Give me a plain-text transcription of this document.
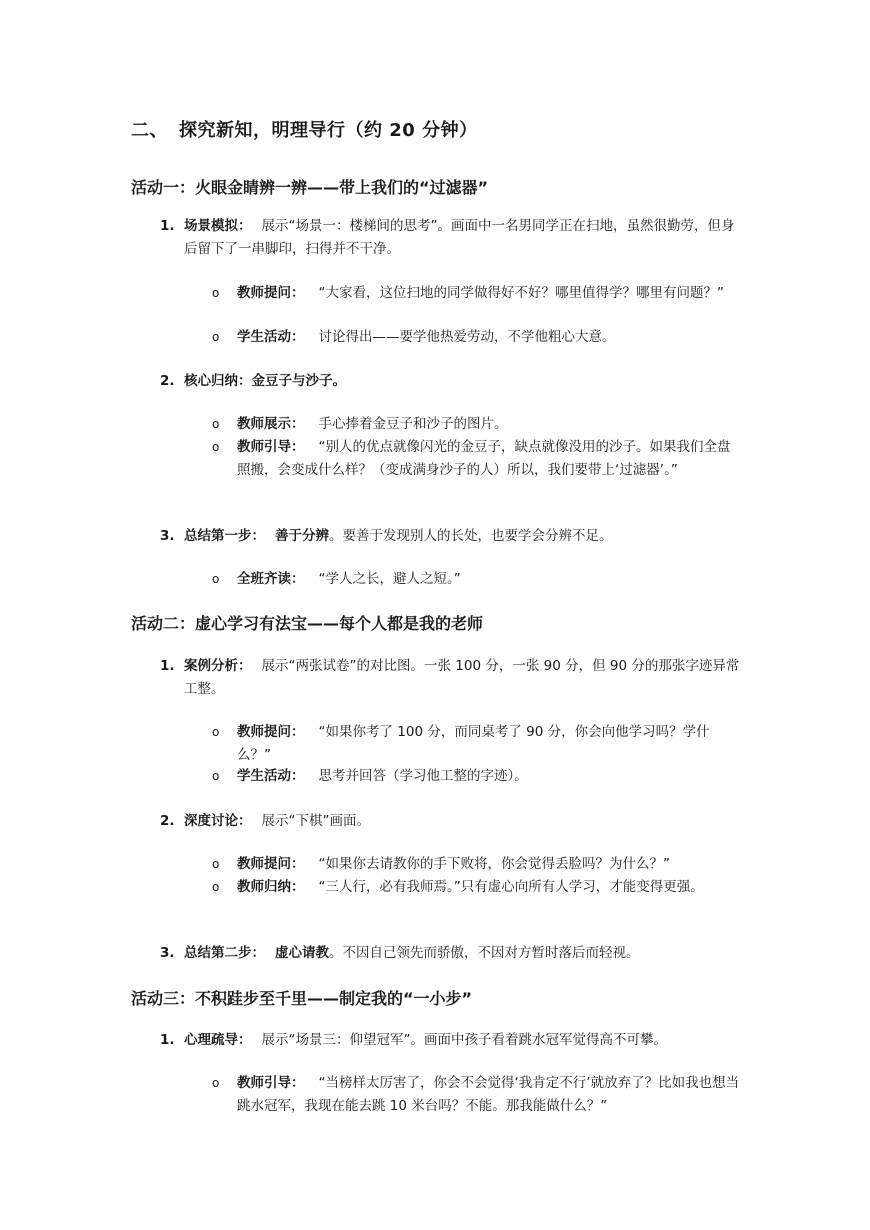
二、 探究新知，明理导行（约 20 分钟）
活动一：火眼金睛辨一辨——带上我们的“过滤器”
1. 场景模拟： 展示“场景一：楼梯间的思考”。画面中一名男同学正在扫地，虽然很勤劳，但身后留下了一串脚印，扫得并不干净。
o 教师提问： “大家看，这位扫地的同学做得好不好？哪里值得学？哪里有问题？”
o 学生活动： 讨论得出——要学他热爱劳动，不学他粗心大意。
2. 核心归纳：金豆子与沙子。
o 教师展示： 手心捧着金豆子和沙子的图片。
o 教师引导： “别人的优点就像闪光的金豆子，缺点就像没用的沙子。如果我们全盘照搬，会变成什么样？（变成满身沙子的人）所以，我们要带上‘过滤器’。”
3. 总结第一步： 善于分辨。要善于发现别人的长处，也要学会分辨不足。
o 全班齐读： “学人之长，避人之短。”
活动二：虚心学习有法宝——每个人都是我的老师
1. 案例分析： 展示“两张试卷”的对比图。一张 100 分，一张 90 分，但 90 分的那张字迹异常工整。
o 教师提问： “如果你考了 100 分，而同桌考了 90 分，你会向他学习吗？学什么？”
o 学生活动： 思考并回答（学习他工整的字迹）。
2. 深度讨论： 展示“下棋”画面。
o 教师提问： “如果你去请教你的手下败将，你会觉得丢脸吗？为什么？”
o 教师归纳： “三人行，必有我师焉。”只有虚心向所有人学习，才能变得更强。
3. 总结第二步： 虚心请教。不因自己领先而骄傲，不因对方暂时落后而轻视。
活动三：不积跬步至千里——制定我的“一小步”
1. 心理疏导： 展示“场景三：仰望冠军”。画面中孩子看着跳水冠军觉得高不可攀。
o 教师引导： “当榜样太厉害了，你会不会觉得‘我肯定不行’就放弃了？比如我也想当跳水冠军，我现在能去跳 10 米台吗？不能。那我能做什么？”
